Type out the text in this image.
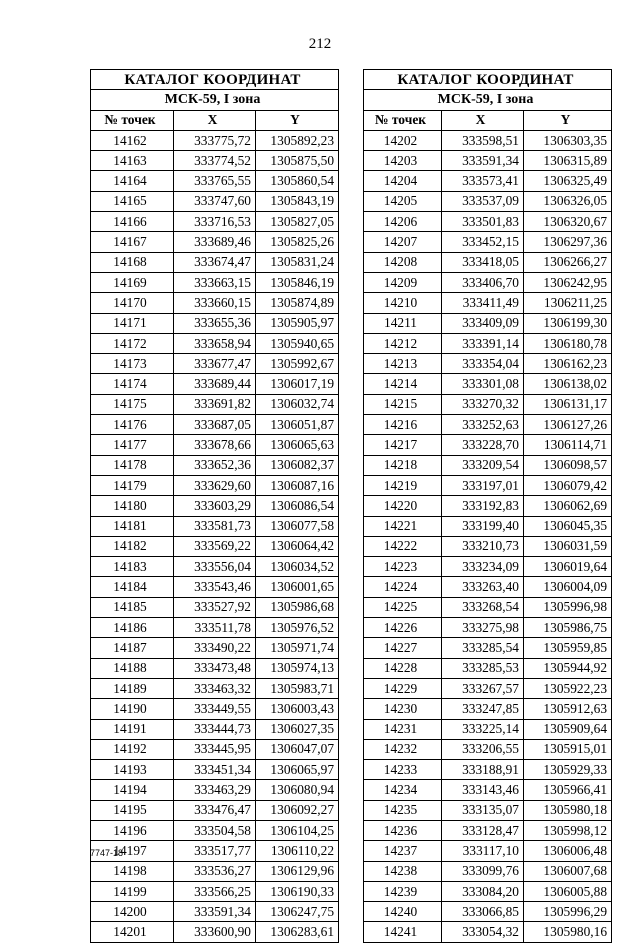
212
КАТАЛОГ КООРДИНАТ		
МСК-59, I зона		
№ точек	X	Y
14162	333775,72	1305892,23
14163	333774,52	1305875,50
14164	333765,55	1305860,54
14165	333747,60	1305843,19
14166	333716,53	1305827,05
14167	333689,46	1305825,26
14168	333674,47	1305831,24
14169	333663,15	1305846,19
14170	333660,15	1305874,89
14171	333655,36	1305905,97
14172	333658,94	1305940,65
14173	333677,47	1305992,67
14174	333689,44	1306017,19
14175	333691,82	1306032,74
14176	333687,05	1306051,87
14177	333678,66	1306065,63
14178	333652,36	1306082,37
14179	333629,60	1306087,16
14180	333603,29	1306086,54
14181	333581,73	1306077,58
14182	333569,22	1306064,42
14183	333556,04	1306034,52
14184	333543,46	1306001,65
14185	333527,92	1305986,68
14186	333511,78	1305976,52
14187	333490,22	1305971,74
14188	333473,48	1305974,13
14189	333463,32	1305983,71
14190	333449,55	1306003,43
14191	333444,73	1306027,35
14192	333445,95	1306047,07
14193	333451,34	1306065,97
14194	333463,29	1306080,94
14195	333476,47	1306092,27
14196	333504,58	1306104,25
14197	333517,77	1306110,22
14198	333536,27	1306129,96
14199	333566,25	1306190,33
14200	333591,34	1306247,75
14201	333600,90	1306283,61
КАТАЛОГ КООРДИНАТ		
МСК-59, I зона		
№ точек	X	Y
14202	333598,51	1306303,35
14203	333591,34	1306315,89
14204	333573,41	1306325,49
14205	333537,09	1306326,05
14206	333501,83	1306320,67
14207	333452,15	1306297,36
14208	333418,05	1306266,27
14209	333406,70	1306242,95
14210	333411,49	1306211,25
14211	333409,09	1306199,30
14212	333391,14	1306180,78
14213	333354,04	1306162,23
14214	333301,08	1306138,02
14215	333270,32	1306131,17
14216	333252,63	1306127,26
14217	333228,70	1306114,71
14218	333209,54	1306098,57
14219	333197,01	1306079,42
14220	333192,83	1306062,69
14221	333199,40	1306045,35
14222	333210,73	1306031,59
14223	333234,09	1306019,64
14224	333263,40	1306004,09
14225	333268,54	1305996,98
14226	333275,98	1305986,75
14227	333285,54	1305959,85
14228	333285,53	1305944,92
14229	333267,57	1305922,23
14230	333247,85	1305912,63
14231	333225,14	1305909,64
14232	333206,55	1305915,01
14233	333188,91	1305929,33
14234	333143,46	1305966,41
14235	333135,07	1305980,18
14236	333128,47	1305998,12
14237	333117,10	1306006,48
14238	333099,76	1306007,68
14239	333084,20	1306005,88
14240	333066,85	1305996,29
14241	333054,32	1305980,16
7747-18
